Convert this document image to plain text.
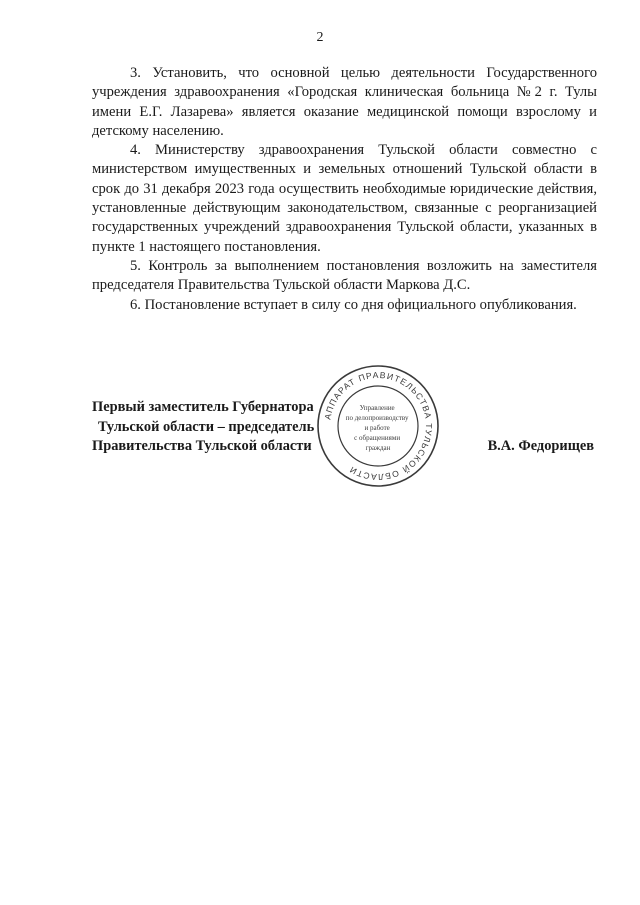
2

3. Установить, что основной целью деятельности Государственного учреждения здравоохранения «Городская клиническая больница №2 г. Тулы имени Е.Г. Лазарева» является оказание медицинской помощи взрослому и детскому населению.

4. Министерству здравоохранения Тульской области совместно с министерством имущественных и земельных отношений Тульской области в срок до 31 декабря 2023 года осуществить необходимые юридические действия, установленные действующим законодательством, связанные с реорганизацией государственных учреждений здравоохранения Тульской области, указанных в пункте 1 настоящего постановления.

5. Контроль за выполнением постановления возложить на заместителя председателя Правительства Тульской области Маркова Д.С.

6. Постановление вступает в силу со дня официального опубликования.

Первый заместитель Губернатора
Тульской области – председатель
Правительства Тульской области	В.А. Федорищев
АППАРАТ ПРАВИТЕЛЬСТВА ТУЛЬСКОЙ ОБЛАСТИ
Управление по делопроизводству и работе с обращениями граждан
